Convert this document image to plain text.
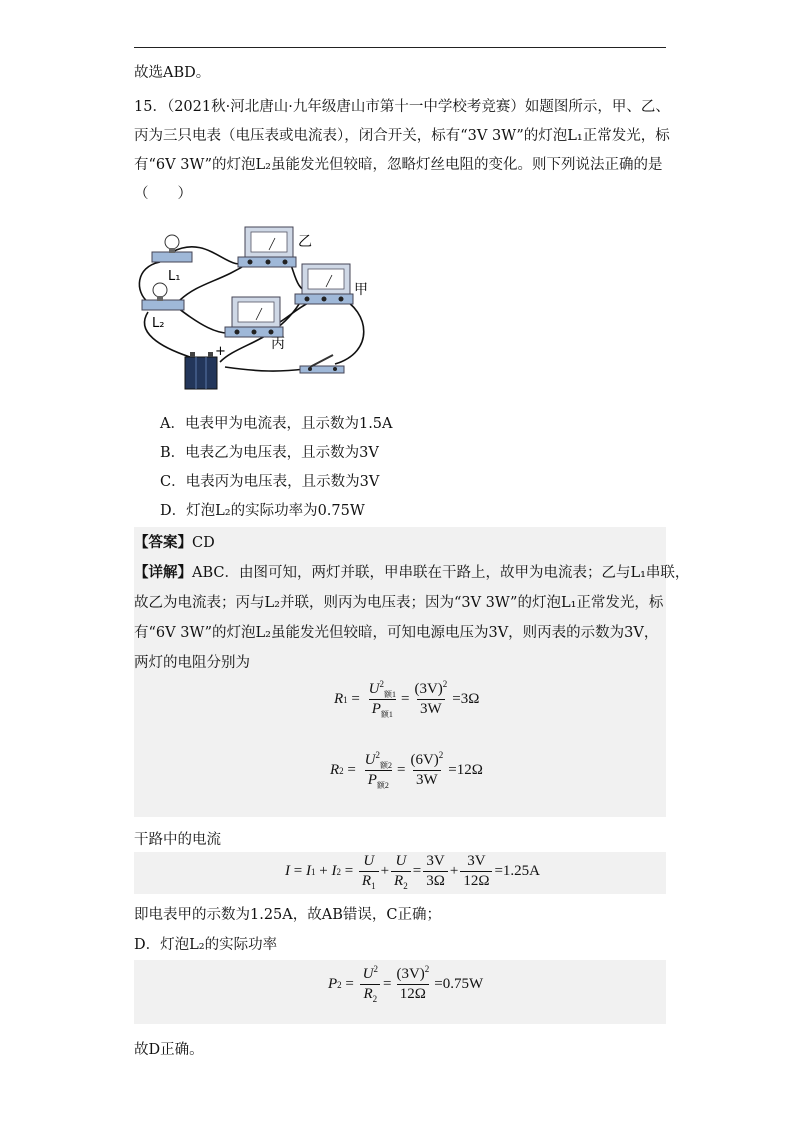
故选ABD。
15．（2021秋·河北唐山·九年级唐山市第十一中学校考竞赛）如题图所示，甲、乙、
丙为三只电表（电压表或电流表），闭合开关，标有“3V 3W”的灯泡L₁正常发光，标
有“6V 3W”的灯泡L₂虽能发光但较暗，忽略灯丝电阻的变化。则下列说法正确的是
（　　）
L₁
L₂
乙
甲
丙
+
A．电表甲为电流表，且示数为1.5A
B．电表乙为电压表，且示数为3V
C．电表丙为电压表，且示数为3V
D．灯泡L₂的实际功率为0.75W
【答案】CD
【详解】ABC．由图可知，两灯并联，甲串联在干路上，故甲为电流表；乙与L₁串联，
故乙为电流表；丙与L₂并联，则丙为电压表；因为“3V 3W”的灯泡L₁正常发光，标
有“6V 3W”的灯泡L₂虽能发光但较暗，可知电源电压为3V，则丙表的示数为3V，
两灯的电阻分别为
R $1 = \frac{U^2_{额1}}{P_{额1}} = \frac{(3V)^2}{3W} =3\Omega$
R $2 = \frac{U^2_{额2}}{P_{额2}} = \frac{(6V)^2}{3W} =12\Omega$
干路中的电流
I = I 1 + I $2 = \frac{U}{R_1} + \frac{U}{R_2} = \frac{3V}{3\Omega} + \frac{3V}{12\Omega} =1.25A$
即电表甲的示数为1.25A，故AB错误，C正确；
D．灯泡L₂的实际功率
P $2 = \frac{U^2}{R_2} = \frac{(3V)^2}{12\Omega} =0.75W$
故D正确。
